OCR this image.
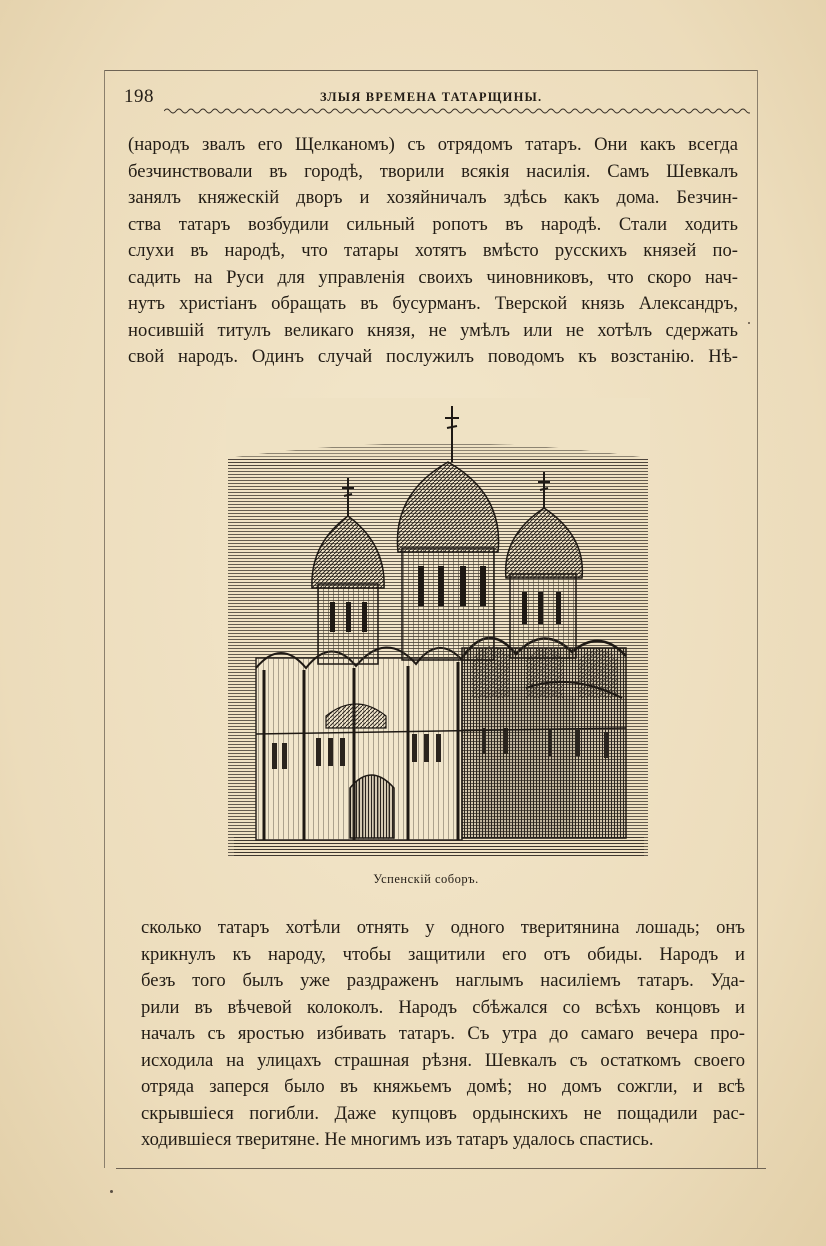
198	ЗЛЫЯ ВРЕМЕНА ТАТАРЩИНЫ.
(народъ звалъ его Щелканомъ) съ отрядомъ татаръ. Они какъ всегда
безчинствовали въ городѣ, творили всякія насилія. Самъ Шевкалъ
занялъ княжескій дворъ и хозяйничалъ здѣсь какъ дома. Безчин-
ства татаръ возбудили сильный ропотъ въ народѣ. Стали ходить
слухи въ народѣ, что татары хотятъ вмѣсто русскихъ князей по-
садить на Руси для управленія своихъ чиновниковъ, что скоро нач-
нутъ христіанъ обращать въ бусурманъ. Тверской князь Александръ,
носившій титулъ великаго князя, не умѣлъ или не хотѣлъ сдержать
свой народъ. Одинъ случай послужилъ поводомъ къ возстанію. Нѣ-
Успенскій соборъ.
сколько татаръ хотѣли отнять у одного тверитянина лошадь; онъ
крикнулъ къ народу, чтобы защитили его отъ обиды. Народъ и
безъ того былъ уже раздраженъ наглымъ насиліемъ татаръ. Уда-
рили въ вѣчевой колоколъ. Народъ сбѣжался со всѣхъ концовъ и
началъ съ яростью избивать татаръ. Съ утра до самаго вечера про-
исходила на улицахъ страшная рѣзня. Шевкалъ съ остаткомъ своего
отряда заперся было въ княжьемъ домѣ; но домъ сожгли, и всѣ
скрывшіеся погибли. Даже купцовъ ордынскихъ не пощадили рас-
ходившіеся тверитяне. Не многимъ изъ татаръ удалось спастись.
